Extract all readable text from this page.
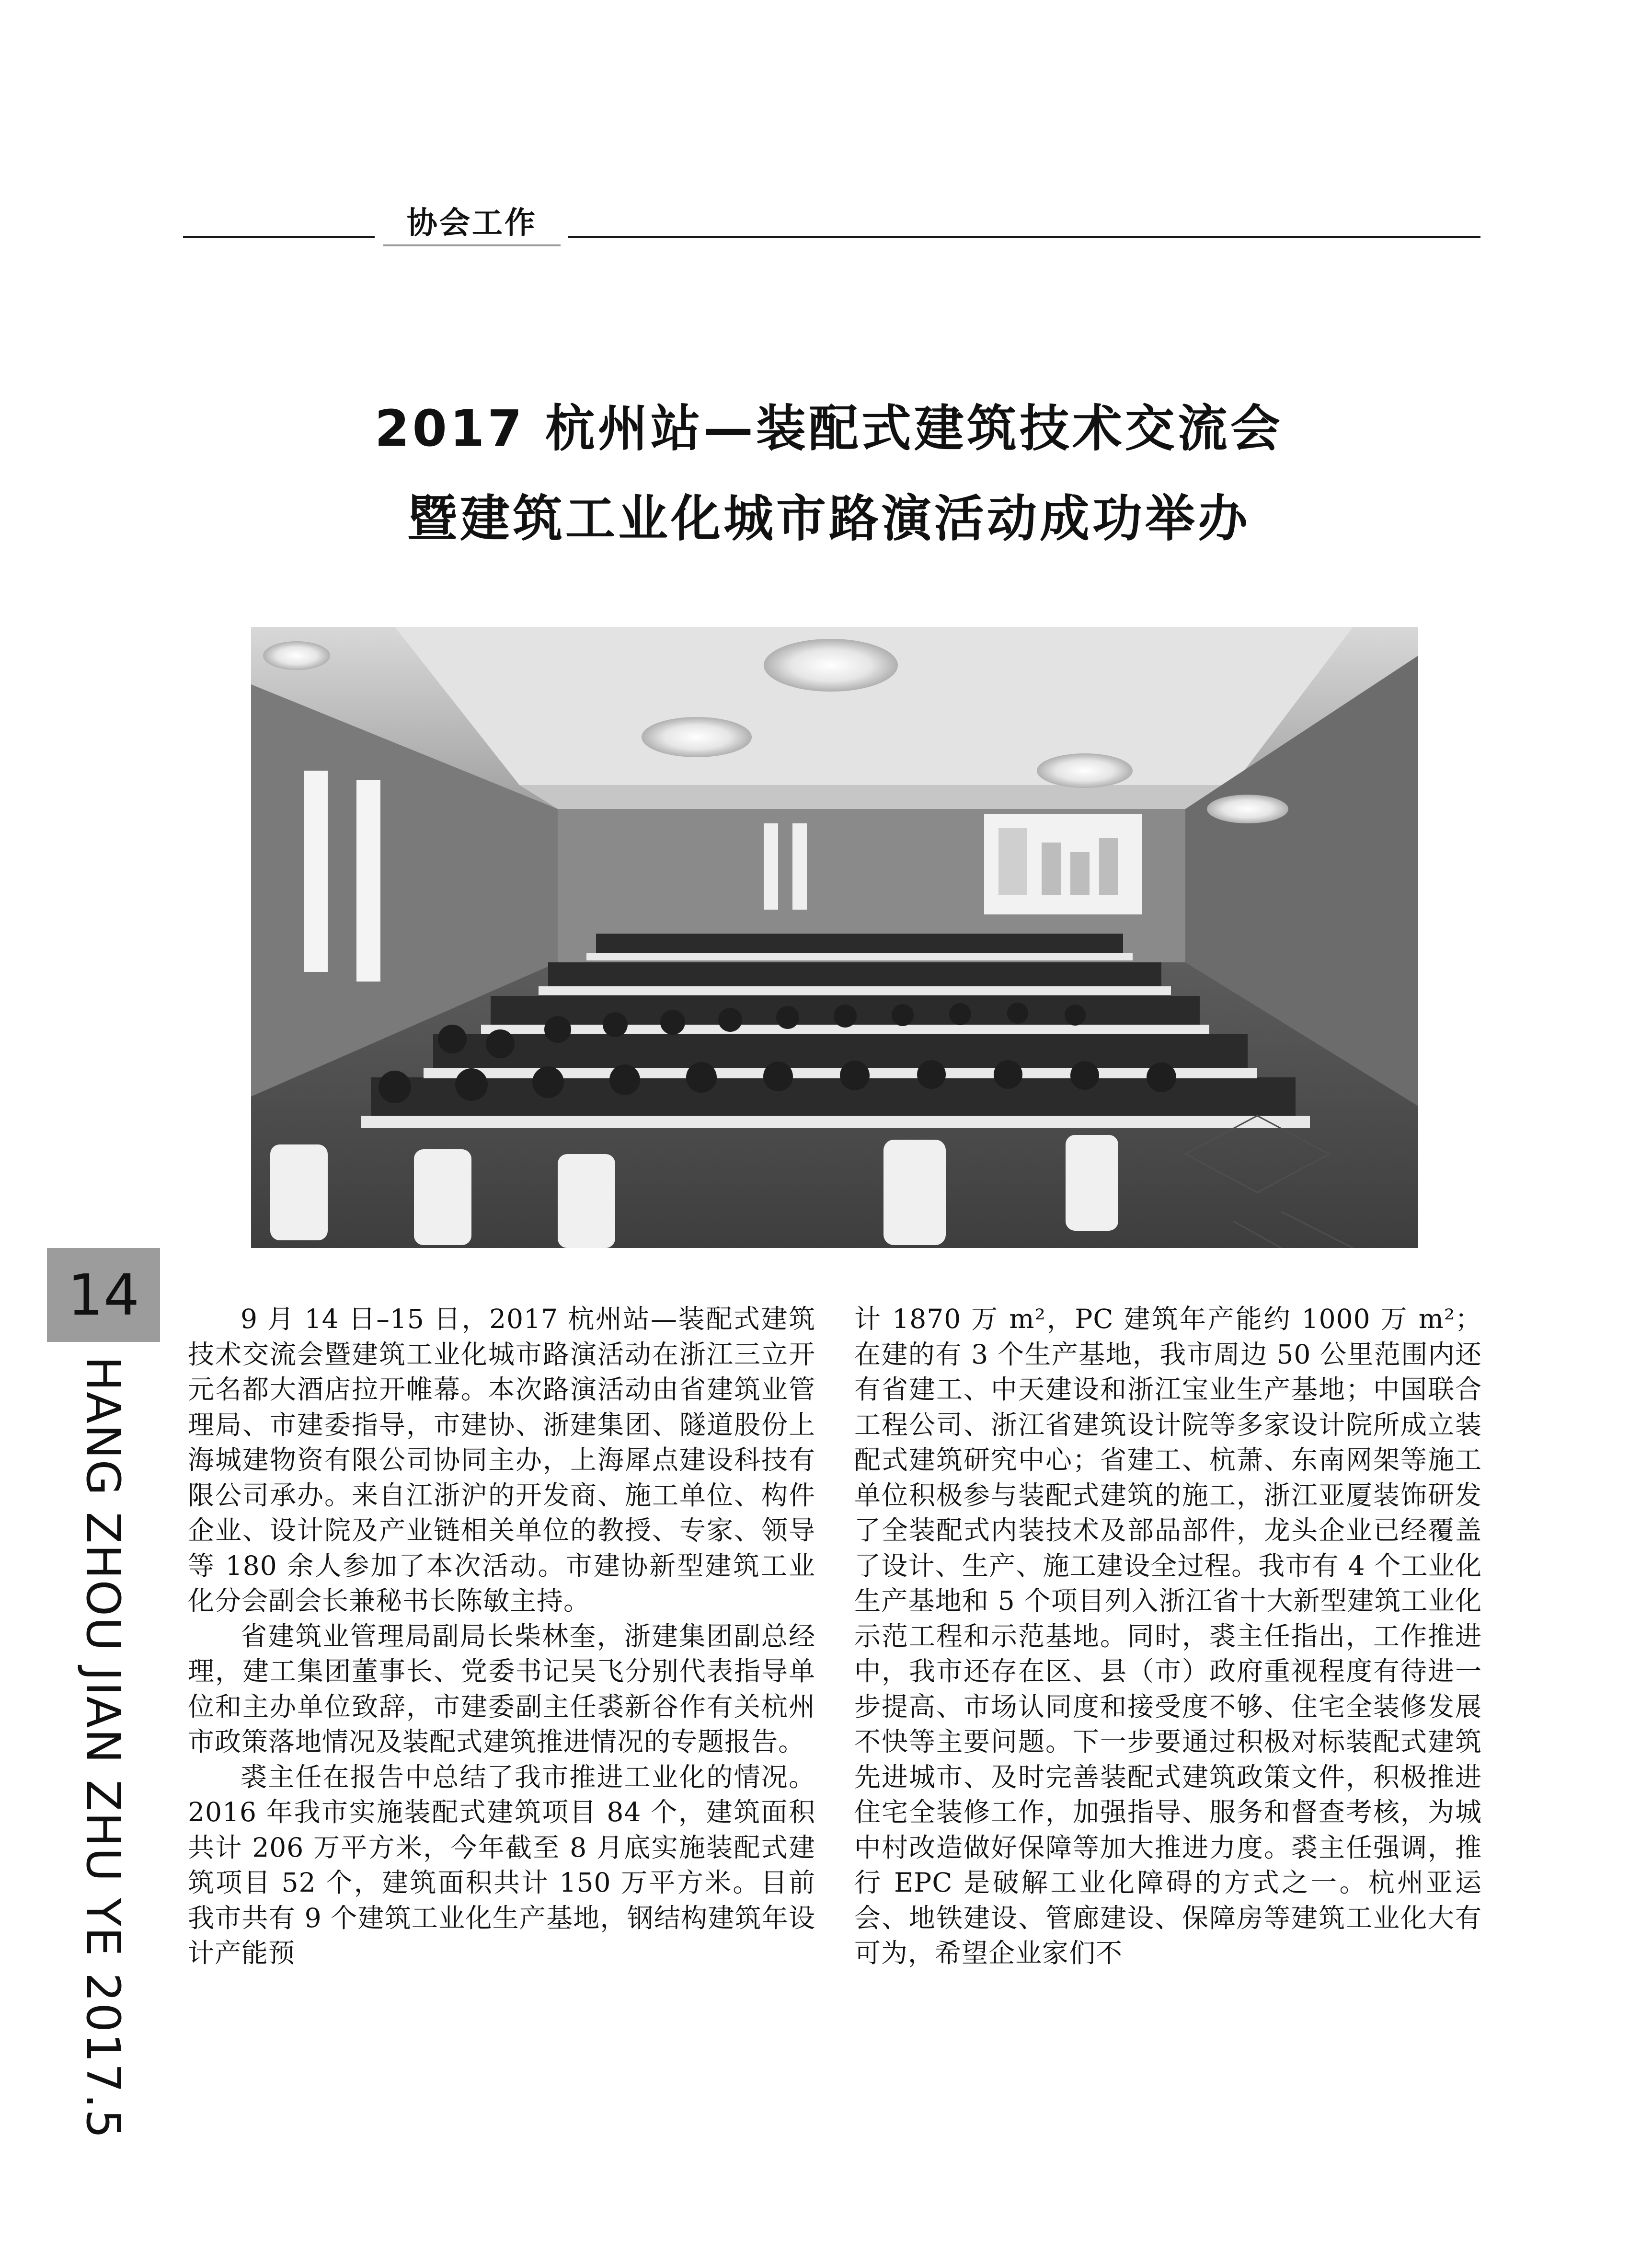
协会工作
2017 杭州站—装配式建筑技术交流会
暨建筑工业化城市路演活动成功举办
14
HANG ZHOU JIAN ZHU YE 2017.5

9 月 14 日–15 日，2017 杭州站—装配式建筑技术交流会暨建筑工业化城市路演活动在浙江三立开元名都大酒店拉开帷幕。本次路演活动由省建筑业管理局、市建委指导，市建协、浙建集团、隧道股份上海城建物资有限公司协同主办，上海犀点建设科技有限公司承办。来自江浙沪的开发商、施工单位、构件企业、设计院及产业链相关单位的教授、专家、领导等 180 余人参加了本次活动。市建协新型建筑工业化分会副会长兼秘书长陈敏主持。

省建筑业管理局副局长柴林奎，浙建集团副总经理，建工集团董事长、党委书记吴飞分别代表指导单位和主办单位致辞，市建委副主任裘新谷作有关杭州市政策落地情况及装配式建筑推进情况的专题报告。

裘主任在报告中总结了我市推进工业化的情况。2016 年我市实施装配式建筑项目 84 个，建筑面积共计 206 万平方米，今年截至 8 月底实施装配式建筑项目 52 个，建筑面积共计 150 万平方米。目前我市共有 9 个建筑工业化生产基地，钢结构建筑年设计产能预

计 1870 万 m²，PC 建筑年产能约 1000 万 m²；在建的有 3 个生产基地，我市周边 50 公里范围内还有省建工、中天建设和浙江宝业生产基地；中国联合工程公司、浙江省建筑设计院等多家设计院所成立装配式建筑研究中心；省建工、杭萧、东南网架等施工单位积极参与装配式建筑的施工，浙江亚厦装饰研发了全装配式内装技术及部品部件，龙头企业已经覆盖了设计、生产、施工建设全过程。我市有 4 个工业化生产基地和 5 个项目列入浙江省十大新型建筑工业化示范工程和示范基地。同时，裘主任指出，工作推进中，我市还存在区、县（市）政府重视程度有待进一步提高、市场认同度和接受度不够、住宅全装修发展不快等主要问题。下一步要通过积极对标装配式建筑先进城市、及时完善装配式建筑政策文件，积极推进住宅全装修工作，加强指导、服务和督查考核，为城中村改造做好保障等加大推进力度。裘主任强调，推行 EPC 是破解工业化障碍的方式之一。杭州亚运会、地铁建设、管廊建设、保障房等建筑工业化大有可为，希望企业家们不
